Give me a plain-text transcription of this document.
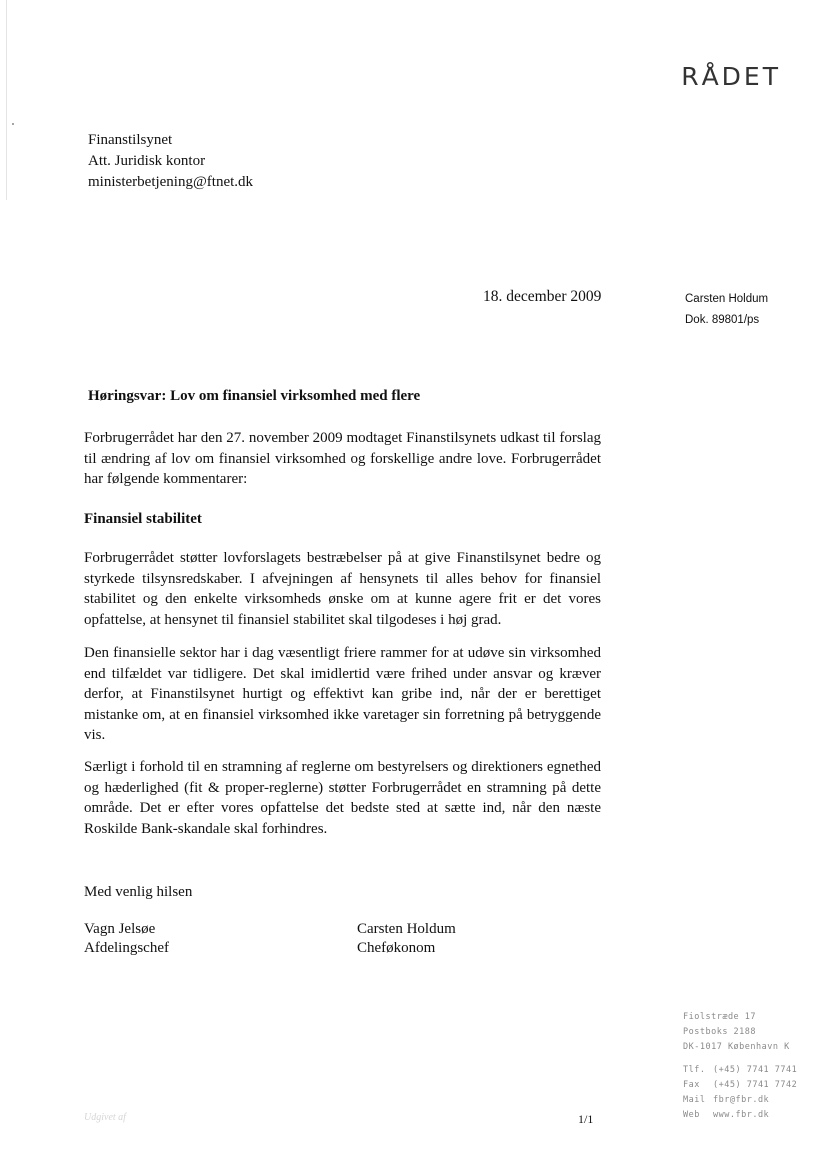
RÅDET
Finanstilsynet
Att. Juridisk kontor
ministerbetjening@ftnet.dk
18. december 2009	Carsten Holdum
Dok. 89801/ps
Høringsvar: Lov om finansiel virksomhed med flere
Forbrugerrådet har den 27. november 2009 modtaget Finanstilsynets udkast til forslag til ændring af lov om finansiel virksomhed og forskellige andre love. Forbrugerrådet har følgende kommentarer:
Finansiel stabilitet
Forbrugerrådet støtter lovforslagets bestræbelser på at give Finanstilsynet bedre og styrkede tilsynsredskaber. I afvejningen af hensynets til alles behov for finansiel stabilitet og den enkelte virksomheds ønske om at kunne agere frit er det vores opfattelse, at hensynet til finansiel stabilitet skal tilgodeses i høj grad.
Den finansielle sektor har i dag væsentligt friere rammer for at udøve sin virksomhed end tilfældet var tidligere. Det skal imidlertid være frihed under ansvar og kræver derfor, at Finanstilsynet hurtigt og effektivt kan gribe ind, når der er berettiget mistanke om, at en finansiel virksomhed ikke varetager sin forretning på betryggende vis.
Særligt i forhold til en stramning af reglerne om bestyrelsers og direktioners egnethed og hæderlighed (fit & proper-reglerne) støtter Forbrugerrådet en stramning på dette område. Det er efter vores opfattelse det bedste sted at sætte ind, når den næste Roskilde Bank-skandale skal forhindres.
Med venlig hilsen
Vagn Jelsøe
Afdelingschef
Carsten Holdum
Cheføkonom
Fiolstræde 17
Postboks 2188
DK-1017 København K
Tlf. (+45) 7741 7741
Fax (+45) 7741 7742
Mail fbr@fbr.dk
Web www.fbr.dk
Udgivet af	1/1
